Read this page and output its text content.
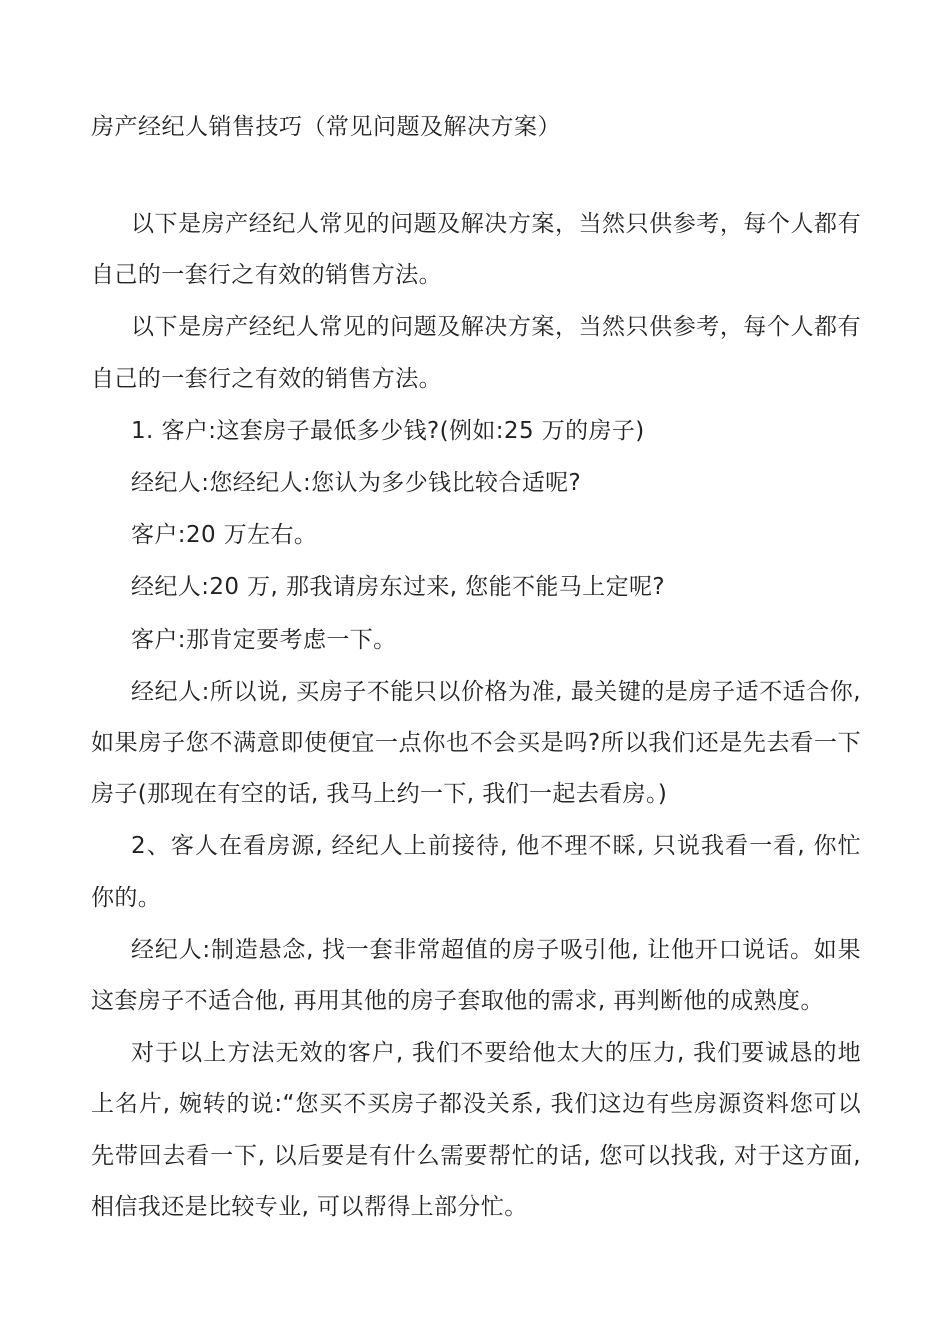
房产经纪人销售技巧（常见问题及解决方案）

以下是房产经纪人常见的问题及解决方案，当然只供参考，每个人都有自己的一套行之有效的销售方法。

以下是房产经纪人常见的问题及解决方案，当然只供参考，每个人都有自己的一套行之有效的销售方法。

1. 客户:这套房子最低多少钱?(例如:25 万的房子)

经纪人:您经纪人:您认为多少钱比较合适呢?

客户:20 万左右。

经纪人:20 万, 那我请房东过来, 您能不能马上定呢?

客户:那肯定要考虑一下。

经纪人:所以说, 买房子不能只以价格为准, 最关键的是房子适不适合你, 如果房子您不满意即使便宜一点你也不会买是吗?所以我们还是先去看一下房子(那现在有空的话, 我马上约一下, 我们一起去看房。)

2、客人在看房源, 经纪人上前接待, 他不理不睬, 只说我看一看, 你忙你的。

经纪人:制造悬念, 找一套非常超值的房子吸引他, 让他开口说话。如果这套房子不适合他, 再用其他的房子套取他的需求, 再判断他的成熟度。

对于以上方法无效的客户, 我们不要给他太大的压力, 我们要诚恳的地上名片, 婉转的说:“您买不买房子都没关系, 我们这边有些房源资料您可以先带回去看一下, 以后要是有什么需要帮忙的话, 您可以找我, 对于这方面, 相信我还是比较专业, 可以帮得上部分忙。
